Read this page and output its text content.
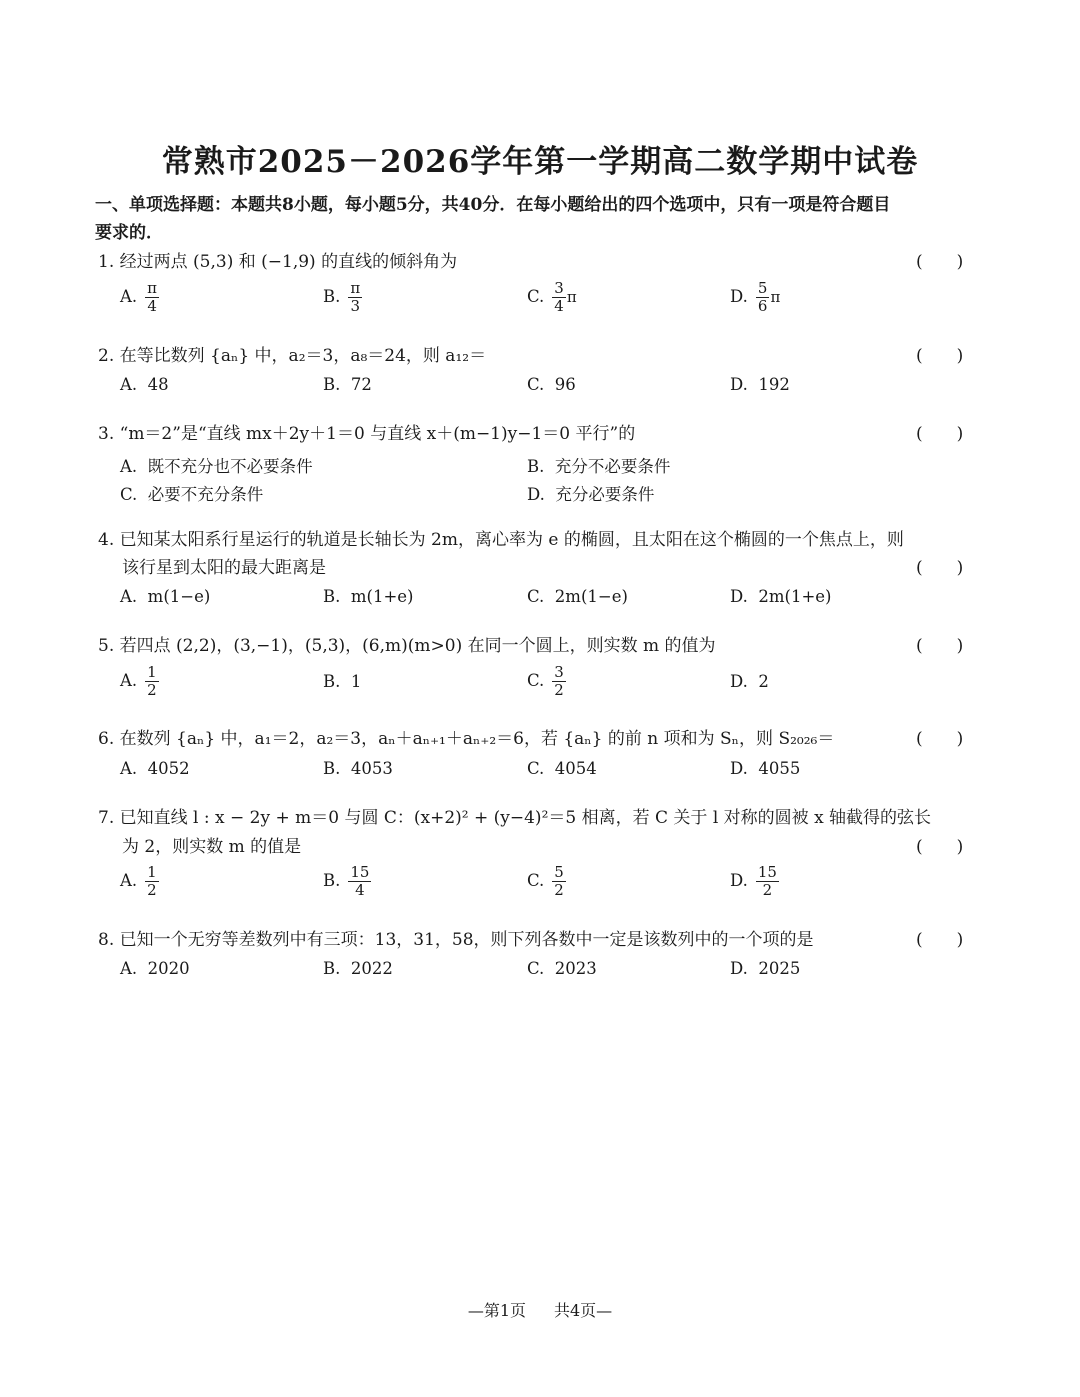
常熟市2025－2026学年第一学期高二数学期中试卷
一、单项选择题：本题共8小题，每小题5分，共40分．在每小题给出的四个选项中，只有一项是符合题目
要求的．
1. 经过两点 (5,3) 和 (−1,9) 的直线的倾斜角为	(　　)
A. $\frac{\pi}{4}$	B. $\frac{\pi}{3}$	C. $\frac{3}{4}$ π	D. $\frac{5}{6}$ π
2. 在等比数列 {aₙ} 中，a₂＝3，a₈＝24，则 a₁₂＝	(　　)
A. 48	B. 72	C. 96	D. 192
3. “m＝2”是“直线 mx＋2y＋1＝0 与直线 x＋(m−1)y−1＝0 平行”的	(　　)
A. 既不充分也不必要条件	B. 充分不必要条件
C. 必要不充分条件	D. 充分必要条件
4. 已知某太阳系行星运行的轨道是长轴长为 2m，离心率为 e 的椭圆，且太阳在这个椭圆的一个焦点上，则
该行星到太阳的最大距离是	(　　)
A. m(1−e)	B. m(1+e)	C. 2m(1−e)	D. 2m(1+e)
5. 若四点 (2,2)，(3,−1)，(5,3)，(6,m)(m>0) 在同一个圆上，则实数 m 的值为	(　　)
A. $\frac{1}{2}$	B. 1	C. $\frac{3}{2}$	D. 2
6. 在数列 {aₙ} 中，a₁＝2，a₂＝3，aₙ＋aₙ₊₁＋aₙ₊₂＝6，若 {aₙ} 的前 n 项和为 Sₙ，则 S₂₀₂₆＝	(　　)
A. 4052	B. 4053	C. 4054	D. 4055
7. 已知直线 l : x − 2y + m＝0 与圆 C：(x+2)² + (y−4)²＝5 相离，若 C 关于 l 对称的圆被 x 轴截得的弦长
为 2，则实数 m 的值是	(　　)
A. $\frac{1}{2}$	B. $\frac{15}{4}$	C. $\frac{5}{2}$	D. $\frac{15}{2}$
8. 已知一个无穷等差数列中有三项：13，31，58，则下列各数中一定是该数列中的一个项的是	(　　)
A. 2020	B. 2022	C. 2023	D. 2025
—第1页 共4页—
